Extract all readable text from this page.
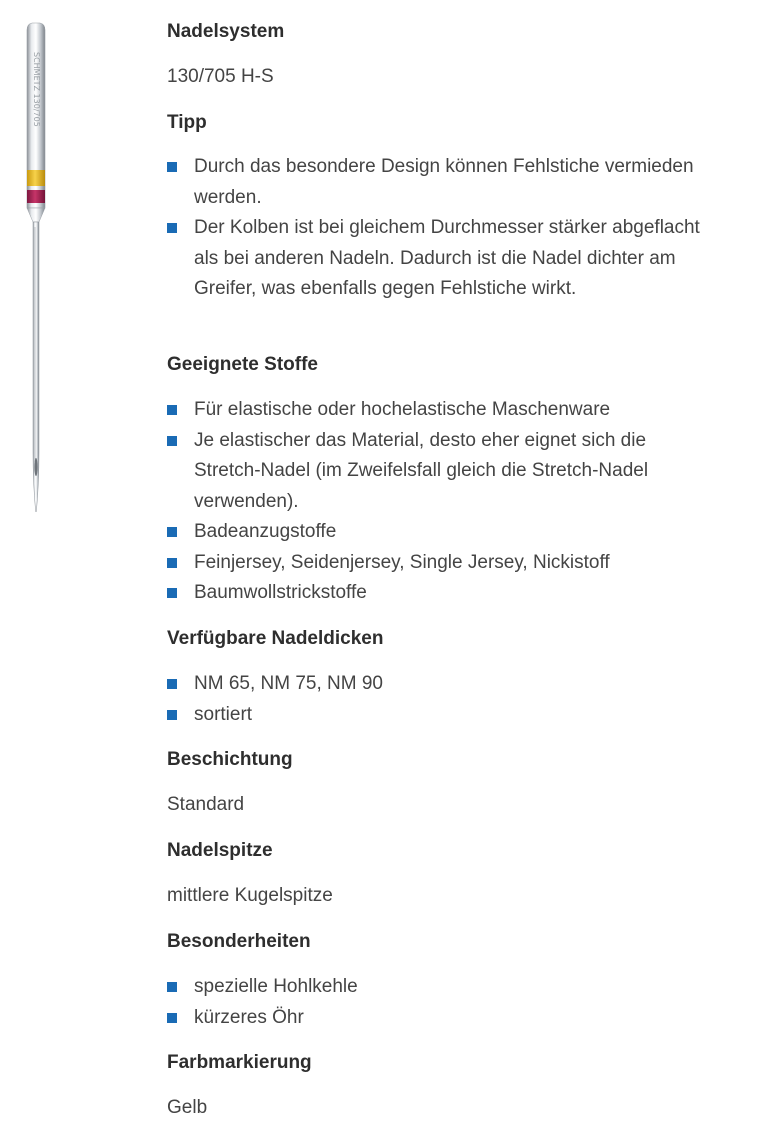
SCHMETZ 130/705
Nadelsystem
130/705 H-S
Tipp
Durch das besondere Design können Fehlstiche vermieden werden.
Der Kolben ist bei gleichem Durchmesser stärker abgeflacht als bei anderen Nadeln. Dadurch ist die Nadel dichter am Greifer, was ebenfalls gegen Fehlstiche wirkt.
Geeignete Stoffe
Für elastische oder hochelastische Maschenware
Je elastischer das Material, desto eher eignet sich die Stretch-Nadel (im Zweifelsfall gleich die Stretch-Nadel verwenden).
Badeanzugstoffe
Feinjersey, Seidenjersey, Single Jersey, Nickistoff
Baumwollstrickstoffe
Verfügbare Nadeldicken
NM 65, NM 75, NM 90
sortiert
Beschichtung
Standard
Nadelspitze
mittlere Kugelspitze
Besonderheiten
spezielle Hohlkehle
kürzeres Öhr
Farbmarkierung
Gelb
